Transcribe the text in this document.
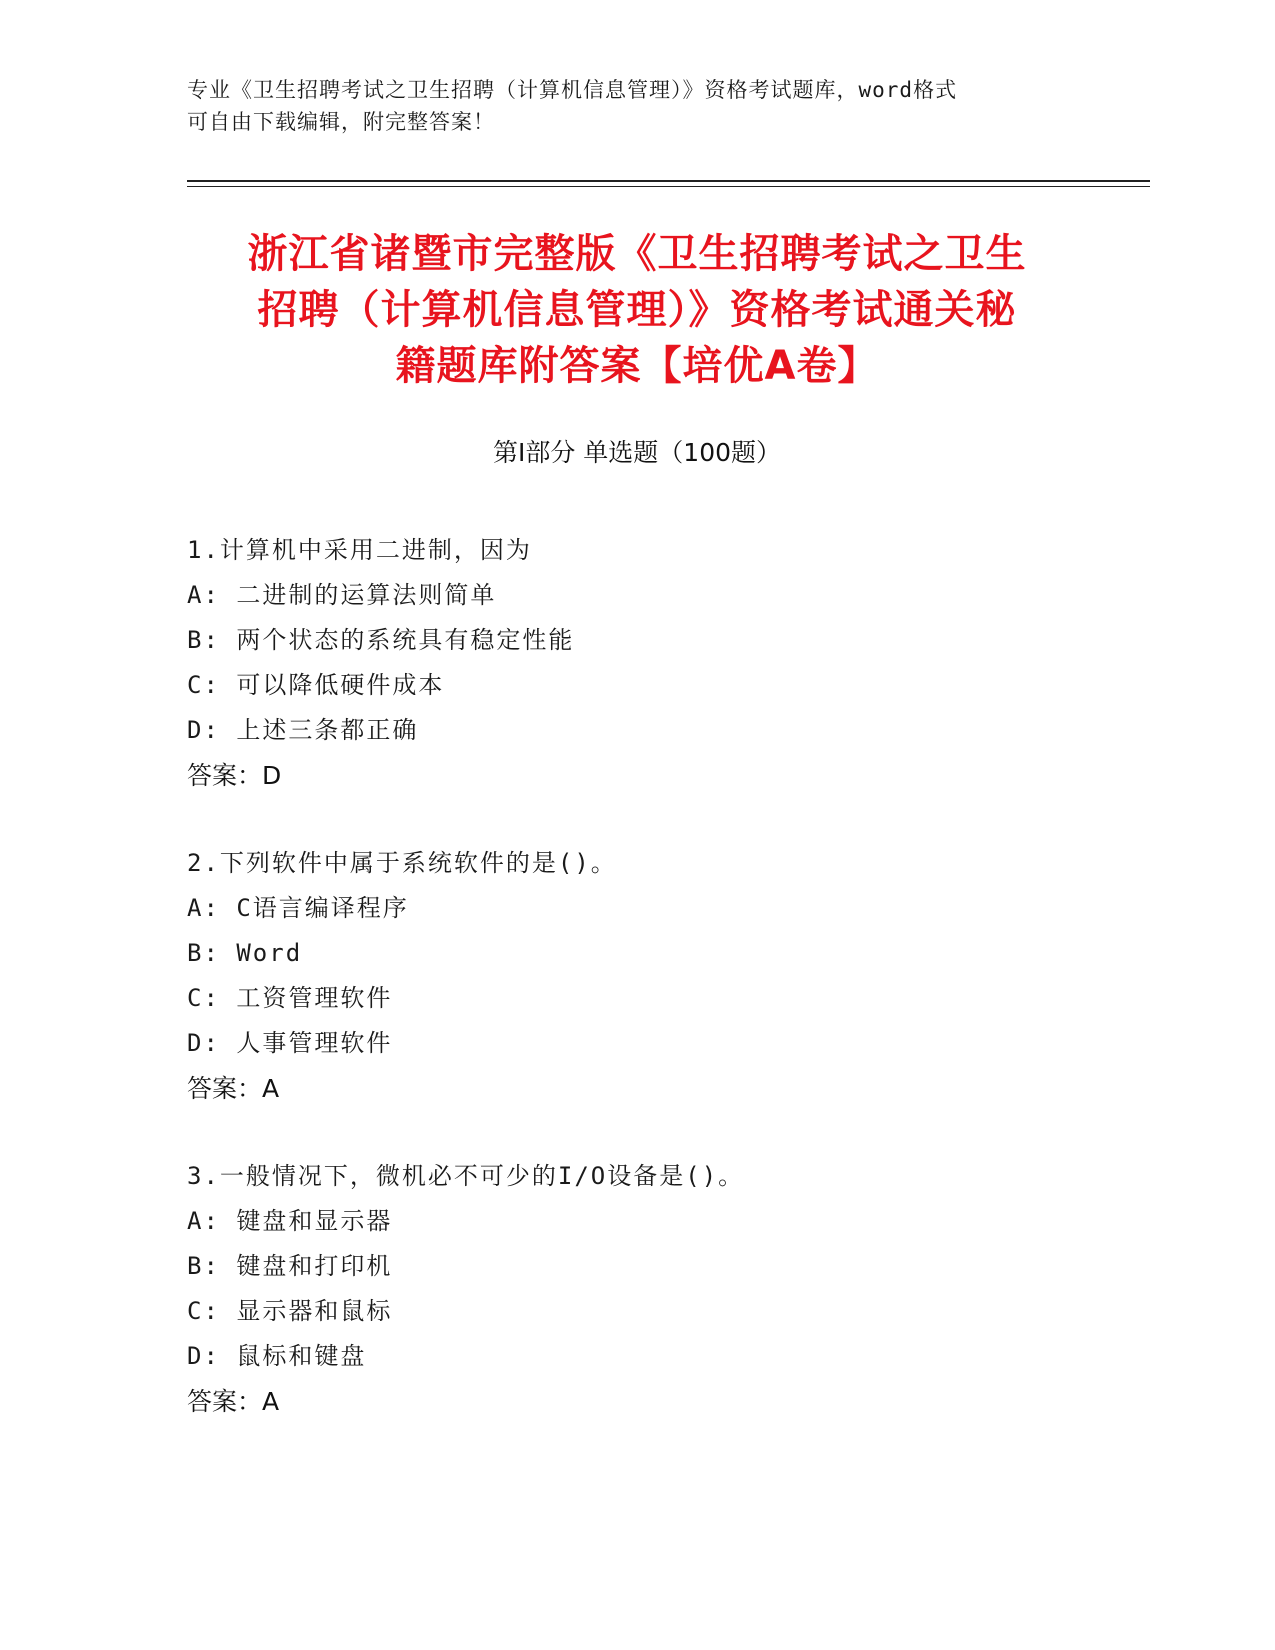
专业《卫生招聘考试之卫生招聘（计算机信息管理）》资格考试题库，word格式
可自由下载编辑，附完整答案！
浙江省诸暨市完整版《卫生招聘考试之卫生
招聘（计算机信息管理）》资格考试通关秘
籍题库附答案【培优A卷】
第Ⅰ部分 单选题（100题）
1.计算机中采用二进制，因为
A: 二进制的运算法则简单
B: 两个状态的系统具有稳定性能
C: 可以降低硬件成本
D: 上述三条都正确
答案：D
2.下列软件中属于系统软件的是()。
A: C语言编译程序
B: Word
C: 工资管理软件
D: 人事管理软件
答案：A
3.一般情况下，微机必不可少的I/O设备是()。
A: 键盘和显示器
B: 键盘和打印机
C: 显示器和鼠标
D: 鼠标和键盘
答案：A
